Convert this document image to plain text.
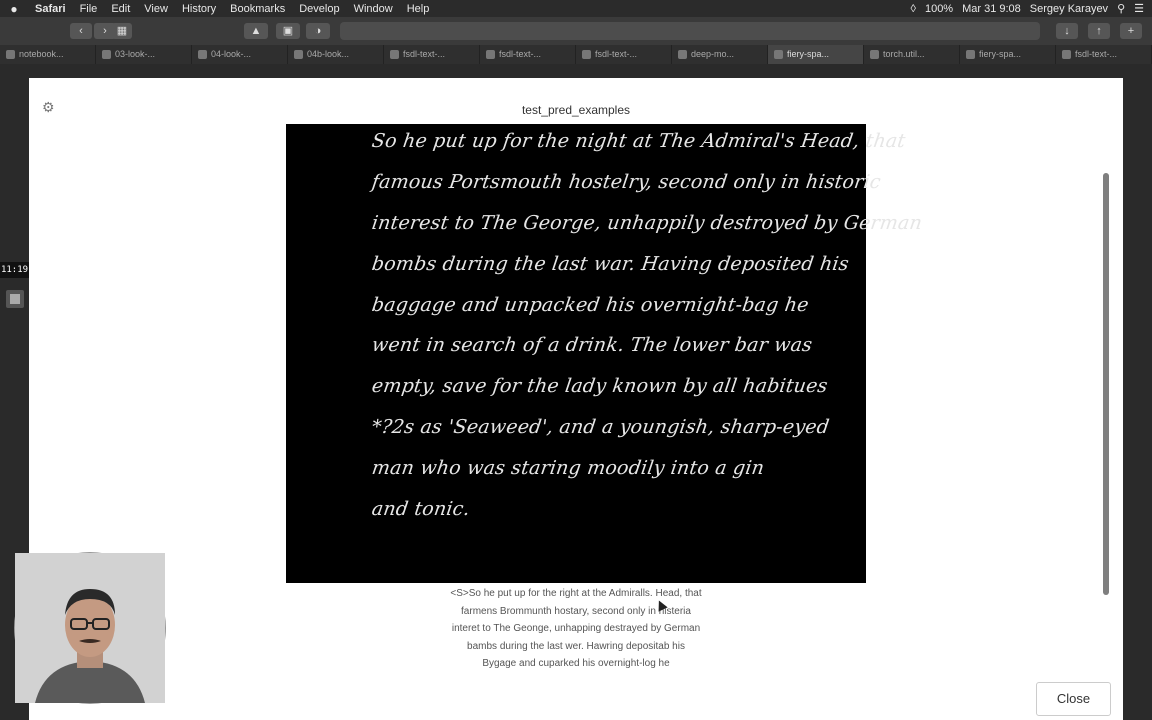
●	Safari	File	Edit	View	History	Bookmarks	Develop	Window	Help	◊ 100% Mar 31 9:08 Sergey Karayev ⚲ ☰
‹	› ▦	▲	▣	◑	↓	↑	+
notebook...	03-look-...	04-look-...	04b-look...	fsdl-text-...	fsdl-text-...	fsdl-text-...	deep-mo...	fiery-spa...	torch.util...	fiery-spa...	fsdl-text-...
11:19
⚙	test_pred_examples
So he put up for the night at The Admiral's Head, that
famous Portsmouth hostelry, second only in historic
interest to The George, unhappily destroyed by German
bombs during the last war. Having deposited his
baggage and unpacked his overnight-bag he
went in search of a drink. The lower bar was
empty, save for the lady known by all habitues
*?2s as 'Seaweed', and a youngish, sharp-eyed
man who was staring moodily into a gin
and tonic.
<S>So he put up for the right at the Admiralls. Head, that
farmens Brommunth hostary, second only in histeria
interet to The Geonge, unhapping destrayed by German
bambs during the last wer. Hawring depositab his
Bygage and cuparked his overnight-log he
Close
